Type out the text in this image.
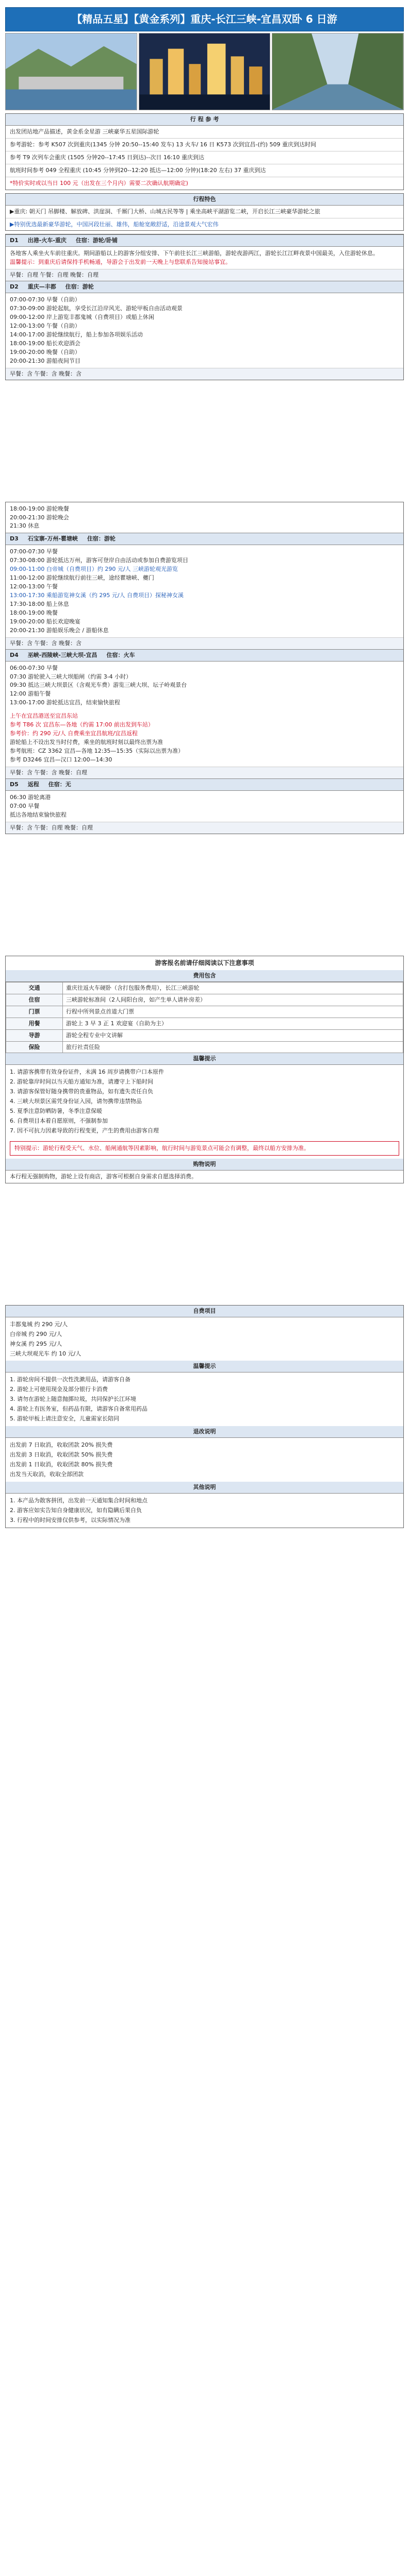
【精品五星】【黄金系列】重庆-长江三峡-宜昌双卧 6 日游
行 程 参 考
出发团站地产品描述，黄金系金星游 三峡豪华五星国际游轮
参考游轮：参考 K507 次到重庆(1345 分钟 20:50--15:40 发车) 13 火车/ 16 日 K573 次到宜昌-(约) 509 重庆到达时间
参考 T9 次列车会重庆 (1505 分钟20--17:45 日到达)--次日 16:10 重庆到达
航班时间参考 049 全程重庆 (10:45 分钟到20--12:20 抵达—12:00 分钟)(18:20 左右) 37 重庆到达
*特价实时或以当日 100 元（出发在三个月内）需要二次确认航期确定)
行程特色
▶重庆: 朝天门 吊脚楼、解放碑、洪崖洞、千厮门大桥、山城古民等等 | 乘坐高峡平湖游览二峡，开启长江三峡豪华游轮之旅
▶特别优选最新豪华游轮，中国河段壮丽、雄伟，船舱宽敞舒适，沿途景观大气宏伟
D1 出港-火车-重庆 住宿：游轮/卧铺

各地客人乘坐火车前往重庆。期间游船以上的游客分组安排、下午前往长江三峡游船，游轮夜游两江，游轮长江江畔夜景中国最美，入住游轮休息。

温馨提示：到重庆后请保持手机畅通，导游会于出发前一天晚上与您联系告知接站事宜。

早餐：自理 午餐：自理 晚餐：自理
D2 重庆—丰都 住宿：游轮

07:00-07:30 早餐（自助）

07:30-09:00 游轮起航，享受长江沿岸风光、游轮甲板自由活动观景

09:00-12:00 岸上游览丰都鬼城（自费项目）或船上休闲

12:00-13:00 午餐（自助）

14:00-17:00 游轮继续航行，船上参加各项娱乐活动

18:00-19:00 船长欢迎酒会

19:00-20:00 晚餐（自助）

20:00-21:30 游船夜间节目

早餐：含 午餐：含 晚餐：含

18:00-19:00 游轮晚餐

20:00-21:30 游轮晚会

21:30 休息

D3 石宝寨-万州-瞿塘峡 住宿：游轮

07:00-07:30 早餐

07:30-08:00 游轮抵达万州，游客可登岸自由活动或参加自费游览项目

09:00-11:00 白帝城（自费项目）约 290 元/人 三峡游轮观光游览

11:00-12:00 游轮继续航行前往三峡，途经瞿塘峡、夔门

12:00-13:00 午餐

13:00-17:30 乘船游览神女溪（约 295 元/人 自费项目）探秘神女溪

17:30-18:00 船上休息

18:00-19:00 晚餐

19:00-20:00 船长欢迎晚宴

20:00-21:30 游船娱乐晚会 / 游船休息

早餐：含 午餐：含 晚餐：含
D4 巫峡-西陵峡-三峡大坝-宜昌 住宿：火车

06:00-07:30 早餐

07:30 游轮驶入三峡大坝船闸（约需 3-4 小时）

09:30 抵达三峡大坝景区（含观光车费）游览三峡大坝、坛子岭观景台

12:00 游船午餐

13:00-17:00 游轮抵达宜昌，结束愉快旅程

上午在宜昌港送至宜昌东站

参考 T86 次 宜昌东—各地（约需 17:00 前出发到车站）

参考价：约 290 元/人 自费乘坐宜昌航班/宜昌返程

游轮船上不设出发当时付费，乘坐的航班时刻以最终出票为准

参考航班：CZ 3362 宜昌—各地 12:35—15:35（实际以出票为准）

参考 D3246 宜昌—汉口 12:00—14:30

早餐：含 午餐：含 晚餐：自理
D5 返程 住宿：无

06:30 游轮离港

07:00 早餐

抵达各地结束愉快旅程

早餐：含 午餐：自理 晚餐：自理
游客报名前请仔细阅读以下注意事项
费用包含
交通	重庆往返火车硬卧（含打包服务费用），长江三峡游轮
住宿	三峡游轮标准间（2人间阳台房，如产生单人请补房差）
门票	行程中所列景点首道大门票
用餐	游轮上 3 早 3 正 1 欢迎宴（自助为主）
导游	游轮全程专业中文讲解
保险	旅行社责任险
温馨提示

1. 请游客携带有效身份证件，未满 16 周岁请携带户口本原件

2. 游轮靠岸时间以当天船方通知为准，请遵守上下船时间

3. 请游客保管好随身携带的贵重物品，如有遗失责任自负

4. 三峡大坝景区需凭身份证入园，请勿携带违禁物品

5. 夏季注意防晒防暑，冬季注意保暖

6. 自费项目本着自愿原则，不强制参加

7. 因不可抗力因素导致的行程变更，产生的费用由游客自理

特别提示：游轮行程受天气、水位、船闸通航等因素影响，航行时间与游览景点可能会有调整，最终以船方安排为准。
购物说明
本行程无强制购物，游轮上设有商店，游客可根据自身需求自愿选择消费。
自费项目

丰都鬼城 约 290 元/人

白帝城 约 290 元/人

神女溪 约 295 元/人

三峡大坝观光车 约 10 元/人

温馨提示

1. 游轮房间不提供一次性洗漱用品，请游客自备

2. 游轮上可使用现金及部分银行卡消费

3. 请勿在游轮上随意抛掷垃圾，共同保护长江环境

4. 游轮上有医务室，但药品有限，请游客自备常用药品

5. 游轮甲板上请注意安全，儿童需家长陪同

退改说明

出发前 7 日取消，收取团款 20% 损失费

出发前 3 日取消，收取团款 50% 损失费

出发前 1 日取消，收取团款 80% 损失费

出发当天取消，收取全部团款

其他说明

1. 本产品为散客拼团，出发前一天通知集合时间和地点

2. 游客应如实告知自身健康状况，如有隐瞒后果自负

3. 行程中的时间安排仅供参考，以实际情况为准
